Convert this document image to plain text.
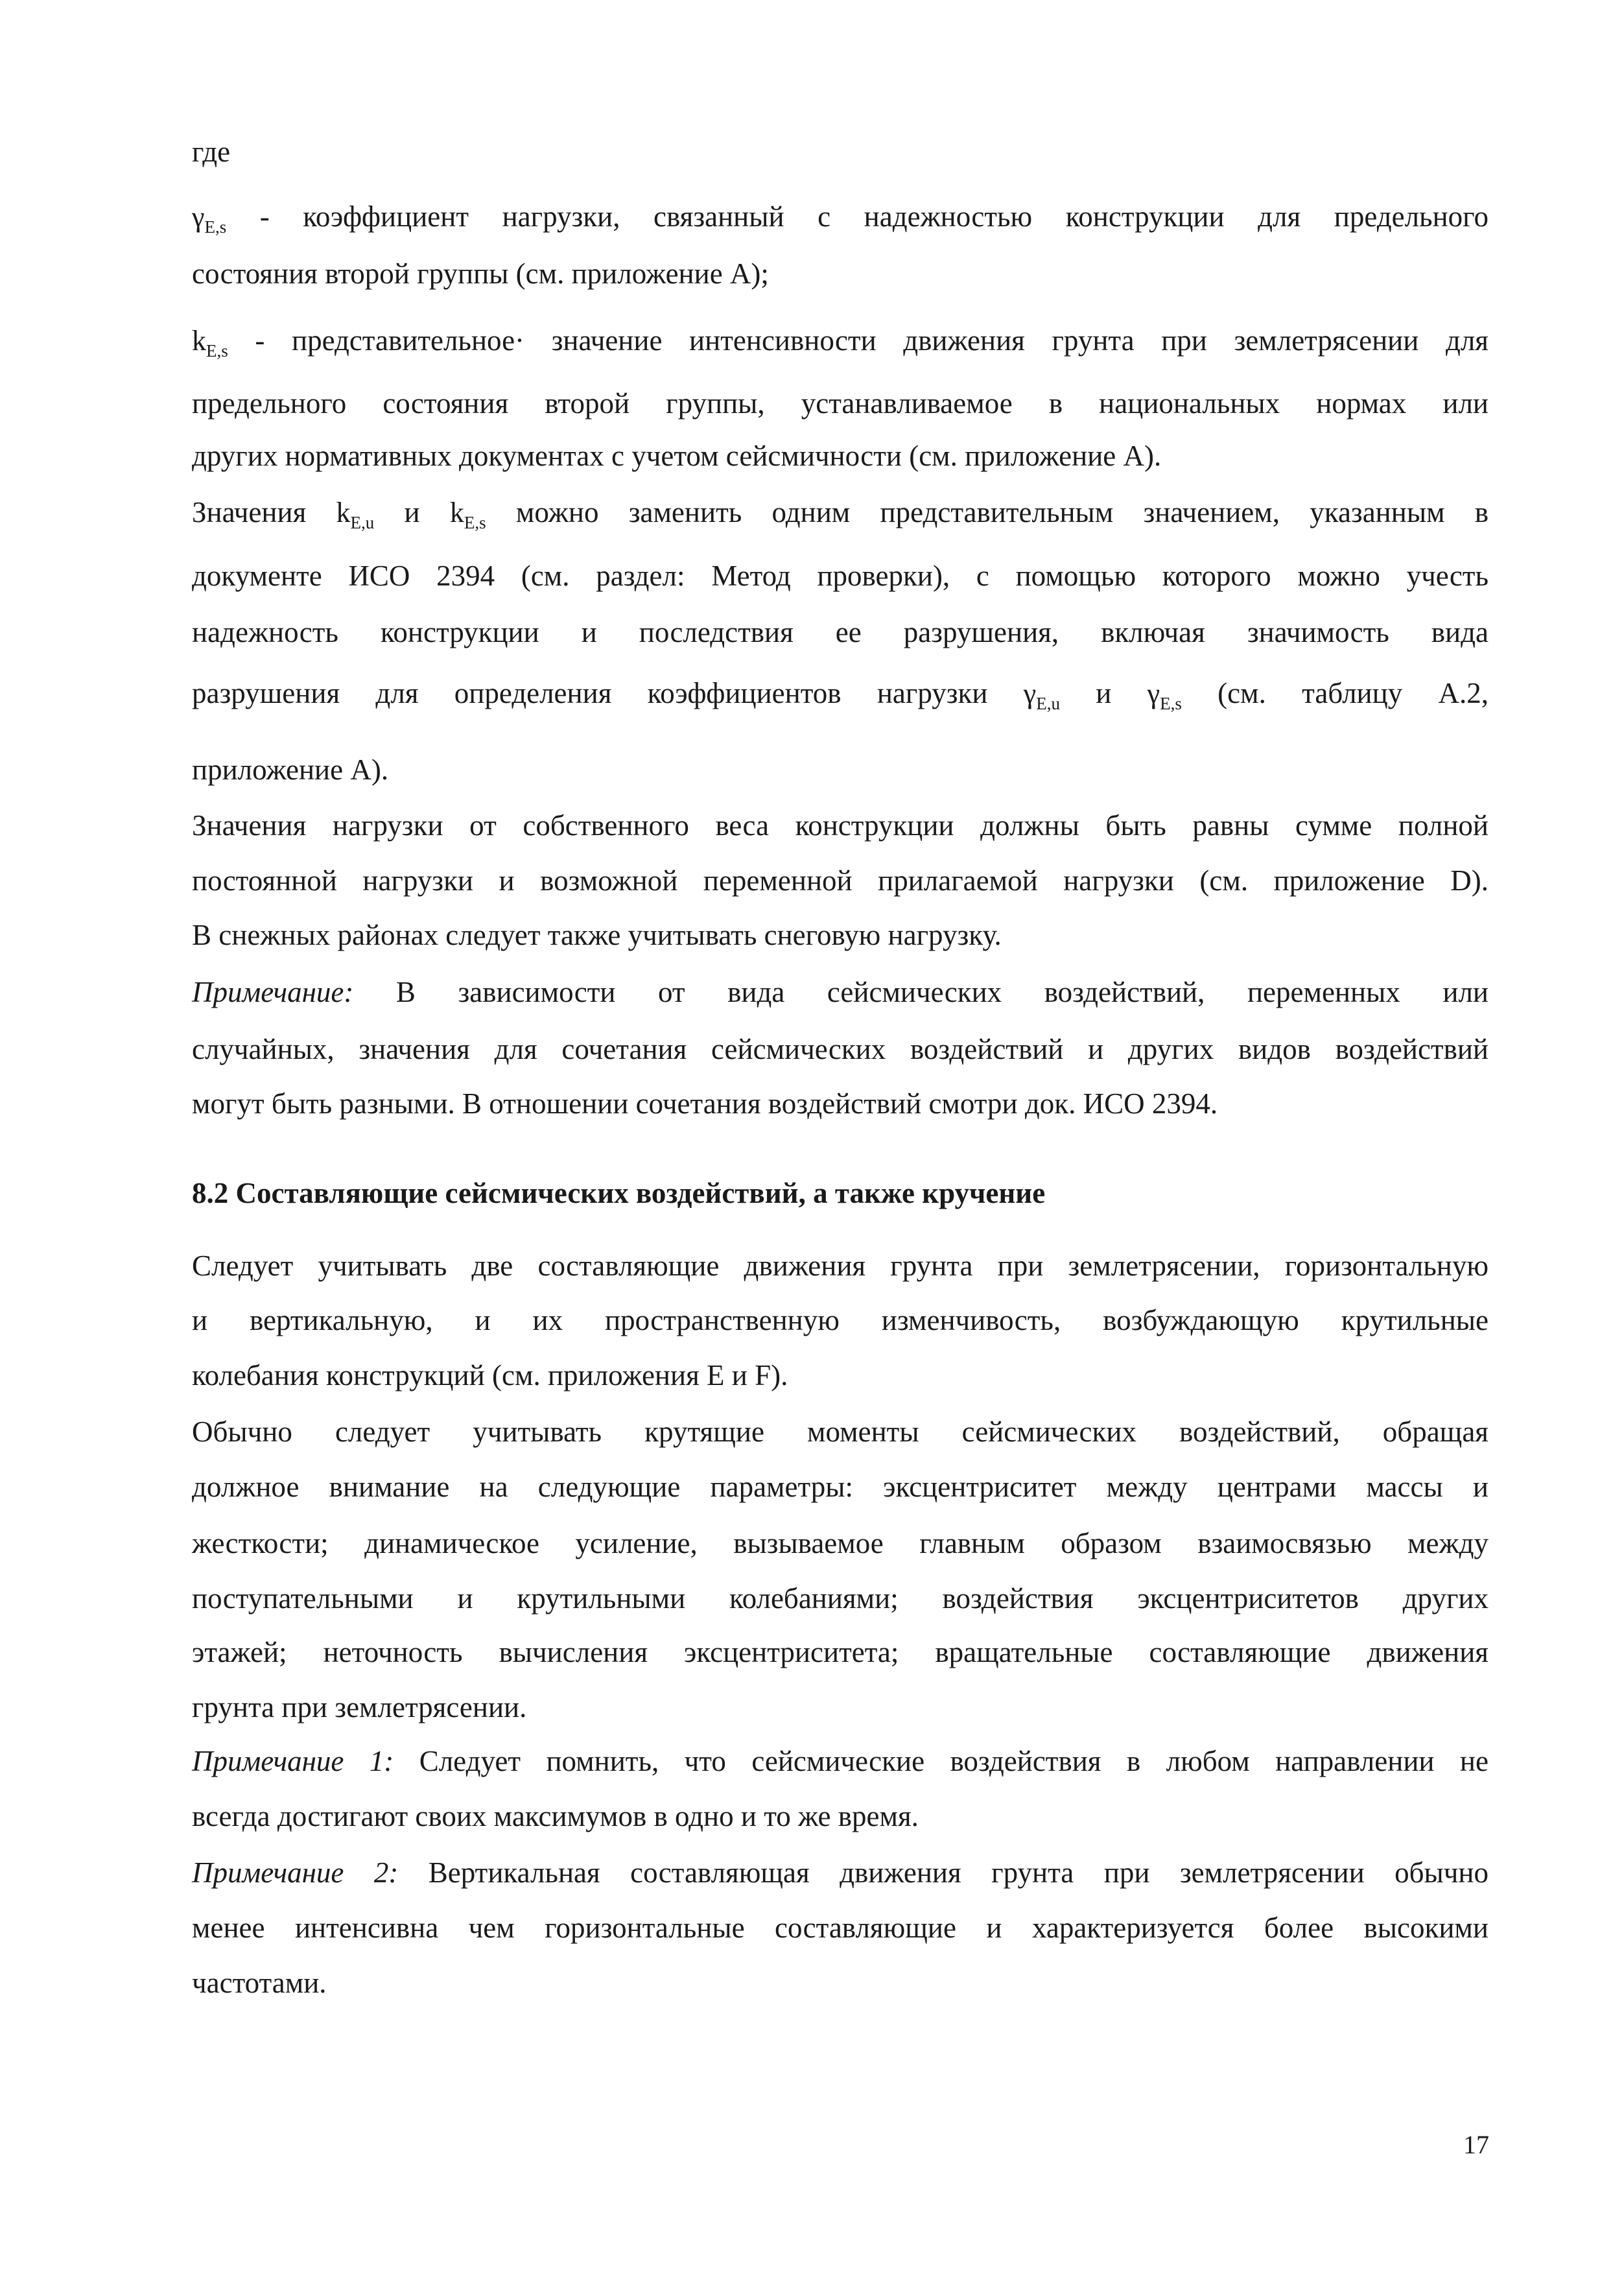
где
$\gamma_{E,s}$ - коэффициент нагрузки, связанный с надежностью конструкции для предельного
состояния второй группы (см. приложение А);
$k_{E,s}$ - представительное· значение интенсивности движения грунта при землетрясении для
предельного состояния второй группы, устанавливаемое в национальных нормах или
других нормативных документах с учетом сейсмичности (см. приложение А).
Значения $k_{E,u}$ и $k_{E,s}$ можно заменить одним представительным значением, указанным в
документе ИСО 2394 (см. раздел: Метод проверки), с помощью которого можно учесть
надежность конструкции и последствия ее разрушения, включая значимость вида
разрушения для определения коэффициентов нагрузки $\gamma_{E,u}$ и $\gamma_{E,s}$ (см. таблицу А.2,
приложение А).
Значения нагрузки от собственного веса конструкции должны быть равны сумме полной
постоянной нагрузки и возможной переменной прилагаемой нагрузки (см. приложение D).
В снежных районах следует также учитывать снеговую нагрузку.
Примечание: В зависимости от вида сейсмических воздействий, переменных или
случайных, значения для сочетания сейсмических воздействий и других видов воздействий
могут быть разными. В отношении сочетания воздействий смотри док. ИСО 2394.
8.2 Составляющие сейсмических воздействий, а также кручение
Следует учитывать две составляющие движения грунта при землетрясении, горизонтальную
и вертикальную, и их пространственную изменчивость, возбуждающую крутильные
колебания конструкций (см. приложения Е и F).
Обычно следует учитывать крутящие моменты сейсмических воздействий, обращая
должное внимание на следующие параметры: эксцентриситет между центрами массы и
жесткости; динамическое усиление, вызываемое главным образом взаимосвязью между
поступательными и крутильными колебаниями; воздействия эксцентриситетов других
этажей; неточность вычисления эксцентриситета; вращательные составляющие движения
грунта при землетрясении.
Примечание 1: Следует помнить, что сейсмические воздействия в любом направлении не
всегда достигают своих максимумов в одно и то же время.
Примечание 2: Вертикальная составляющая движения грунта при землетрясении обычно
менее интенсивна чем горизонтальные составляющие и характеризуется более высокими
частотами.
17
